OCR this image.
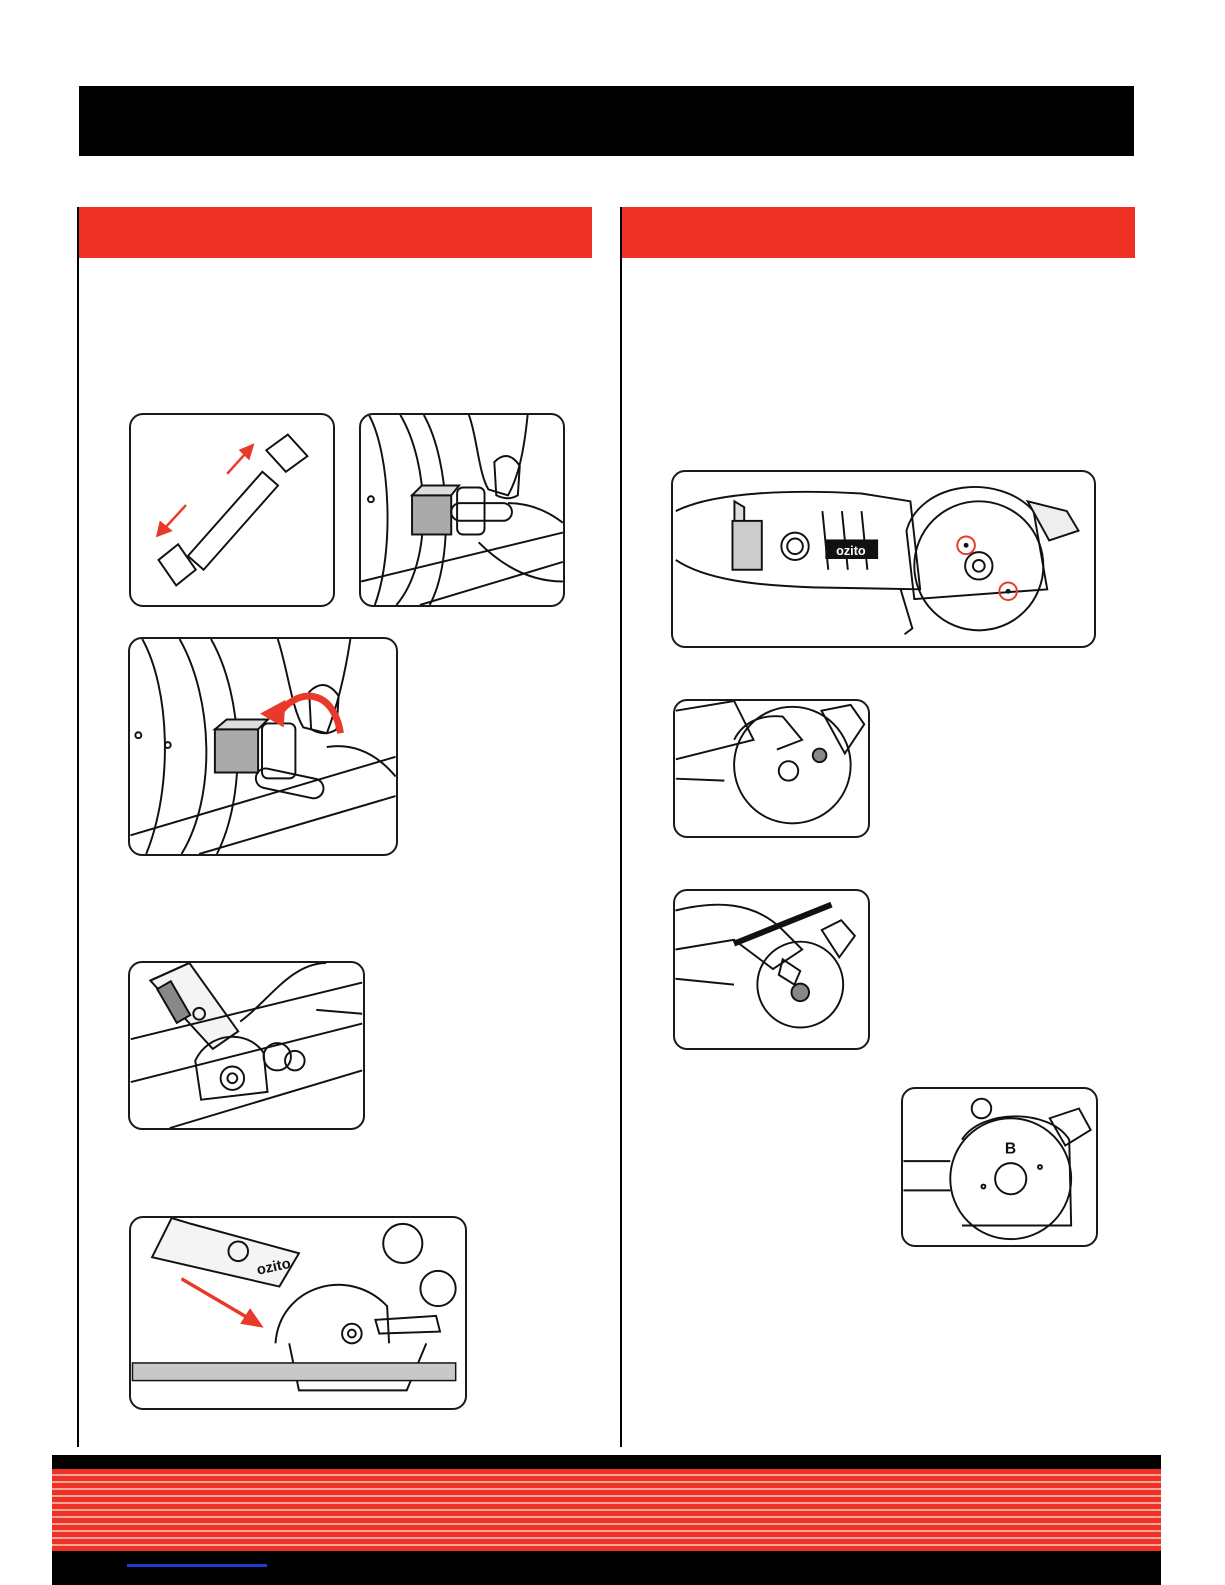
ozito
ozito
B
